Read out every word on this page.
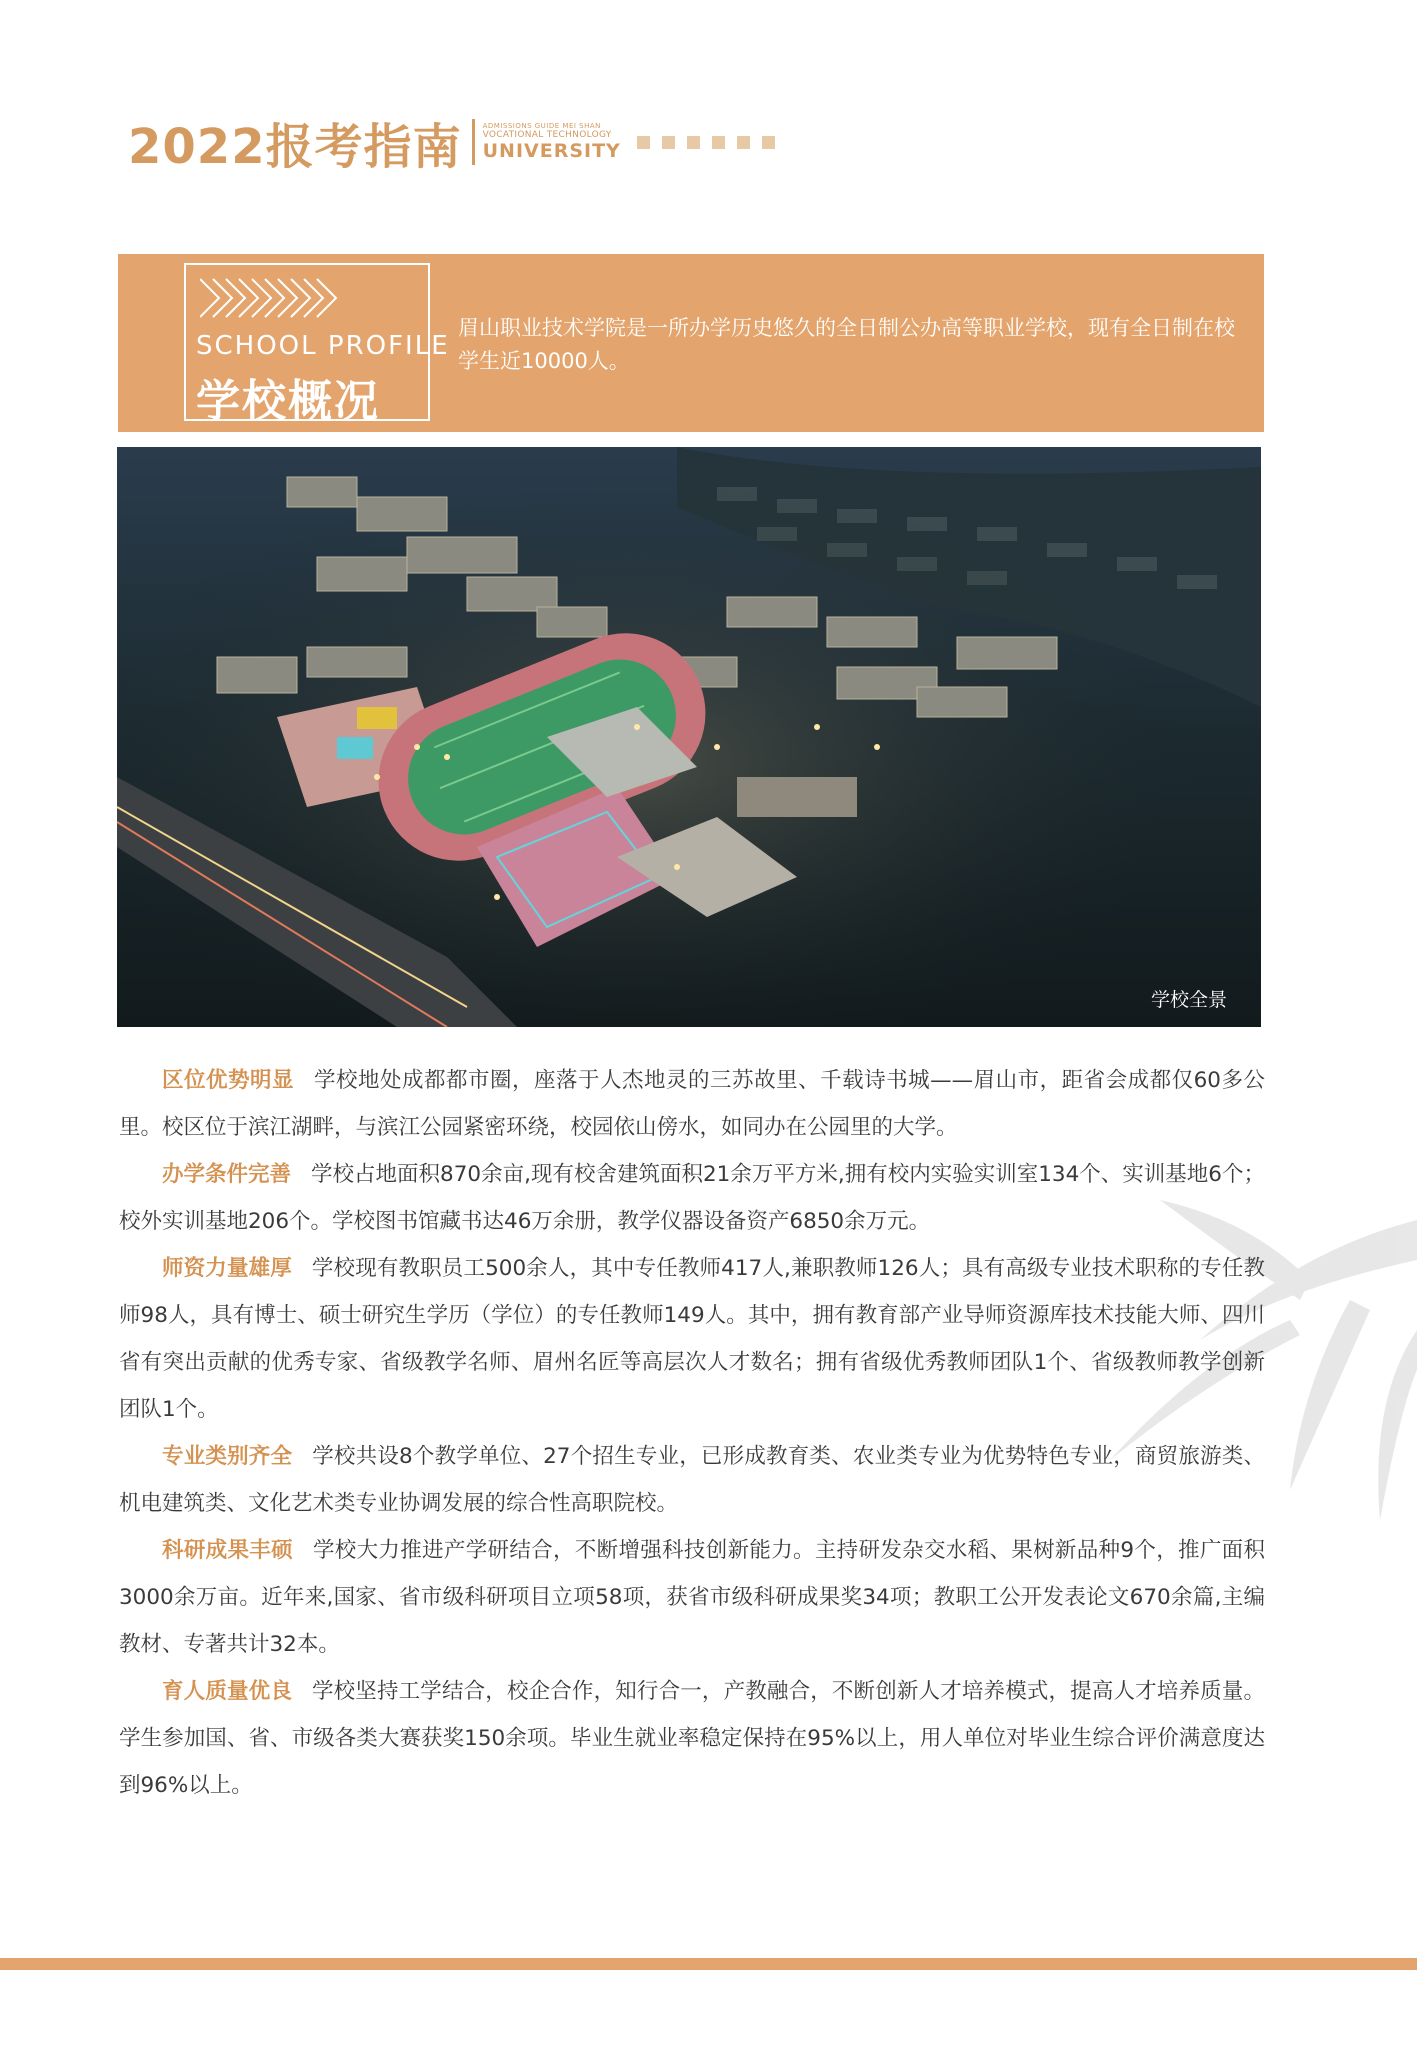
2022报考指南	ADMISSIONS GUIDE MEI SHAN
VOCATIONAL TECHNOLOGY
UNIVERSITY
SCHOOL PROFILE
学校概况
眉山职业技术学院是一所办学历史悠久的全日制公办高等职业学校，现有全日制在校学生近10000人。
学校全景

区位优势明显 学校地处成都都市圈，座落于人杰地灵的三苏故里、千载诗书城——眉山市，距省会成都仅60多公里。校区位于滨江湖畔，与滨江公园紧密环绕，校园依山傍水，如同办在公园里的大学。

办学条件完善 学校占地面积870余亩,现有校舍建筑面积21余万平方米,拥有校内实验实训室134个、实训基地6个；校外实训基地206个。学校图书馆藏书达46万余册，教学仪器设备资产6850余万元。

师资力量雄厚 学校现有教职员工500余人，其中专任教师417人,兼职教师126人；具有高级专业技术职称的专任教师98人，具有博士、硕士研究生学历（学位）的专任教师149人。其中，拥有教育部产业导师资源库技术技能大师、四川省有突出贡献的优秀专家、省级教学名师、眉州名匠等高层次人才数名；拥有省级优秀教师团队1个、省级教师教学创新团队1个。

专业类别齐全 学校共设8个教学单位、27个招生专业，已形成教育类、农业类专业为优势特色专业，商贸旅游类、机电建筑类、文化艺术类专业协调发展的综合性高职院校。

科研成果丰硕 学校大力推进产学研结合，不断增强科技创新能力。主持研发杂交水稻、果树新品种9个，推广面积3000余万亩。近年来,国家、省市级科研项目立项58项，获省市级科研成果奖34项；教职工公开发表论文670余篇,主编教材、专著共计32本。

育人质量优良 学校坚持工学结合，校企合作，知行合一，产教融合，不断创新人才培养模式，提高人才培养质量。学生参加国、省、市级各类大赛获奖150余项。毕业生就业率稳定保持在95%以上，用人单位对毕业生综合评价满意度达到96%以上。
